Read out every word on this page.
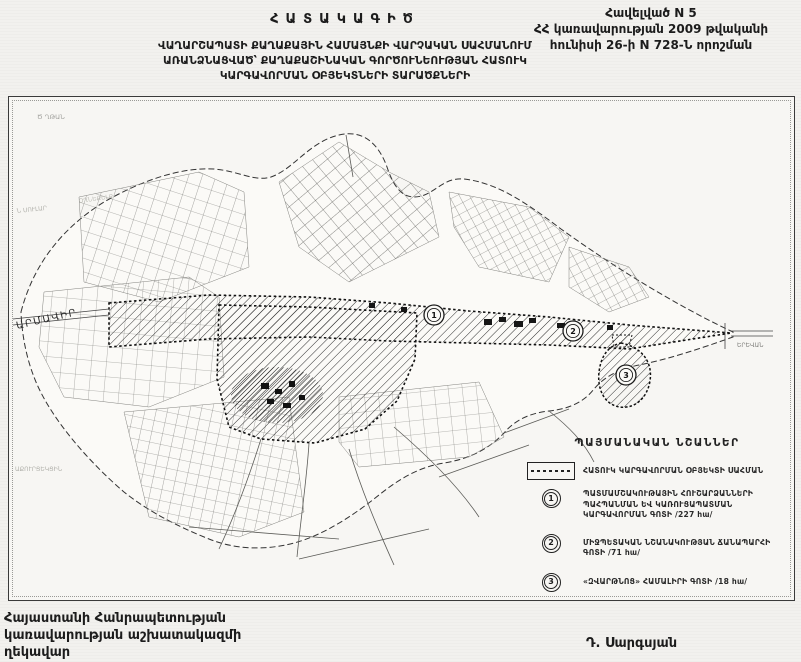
Հավելված N 5
ՀՀ կառավարության 2009 թվականի
հունիսի 26-ի N 728-Ն որոշման
ՀԱՏԱԿԱԳԻԾ
ՎԱՂԱՐՇԱՊԱՏԻ ՔԱՂԱՔԱՅԻՆ ՀԱՄԱՅՆՔԻ ՎԱՐՉԱԿԱՆ ՍԱՀՄԱՆՈՒՄ
ԱՌԱՆՁՆԱՑՎԱԾ՝ ՔԱՂԱՔԱՇԻՆԱԿԱՆ ԳՈՐԾՈՒՆԵՈՒԹՅԱՆ ՀԱՏՈՒԿ
ԿԱՐԳԱՎՈՐՄԱՆ ՕԲՅԵԿՏՆԵՐԻ ՏԱՐԱԾՔՆԵՐԻ
1
2
3
ԱՐՄԱՎԻՐ
ԵՐԵՎԱՆ
Ծ ՂԹԱՆ
ՕՂՆԵՔԵԼՔ
Ն ՍՈՒԼԱՐ
ԱՔՈՒՐՑԵԿՑԻՆ
ՊԱՅՄԱՆԱԿԱՆ ՆՇԱՆՆԵՐ
ՀԱՏՈՒԿ ԿԱՐԳԱՎՈՐՄԱՆ ՕԲՅԵԿՏԻ ՍԱՀՄԱՆ
1	ՊԱՏՄԱՄՇԱԿՈՒԹԱՅԻՆ ՀՈՒՇԱՐՁԱՆՆԵՐԻ
ՊԱՀՊԱՆՄԱՆ ԵՎ ԿԱՌՈՒՑԱՊԱՏՄԱՆ
ԿԱՐԳԱՎՈՐՄԱՆ ԳՈՏԻ /227 հա/
2	ՄԻՋՊԵՏԱԿԱՆ ՆՇԱՆԱԿՈՒԹՅԱՆ ՃԱՆԱՊԱՐՀԻ ԳՈՏԻ /71 հա/
3	«ԶՎԱՐԹՆՈՑ» ՀԱՄԱԼԻՐԻ ԳՈՏԻ /18 հա/
Հայաստանի Հանրապետության
կառավարության աշխատակազմի
ղեկավար
Դ. Սարգսյան
